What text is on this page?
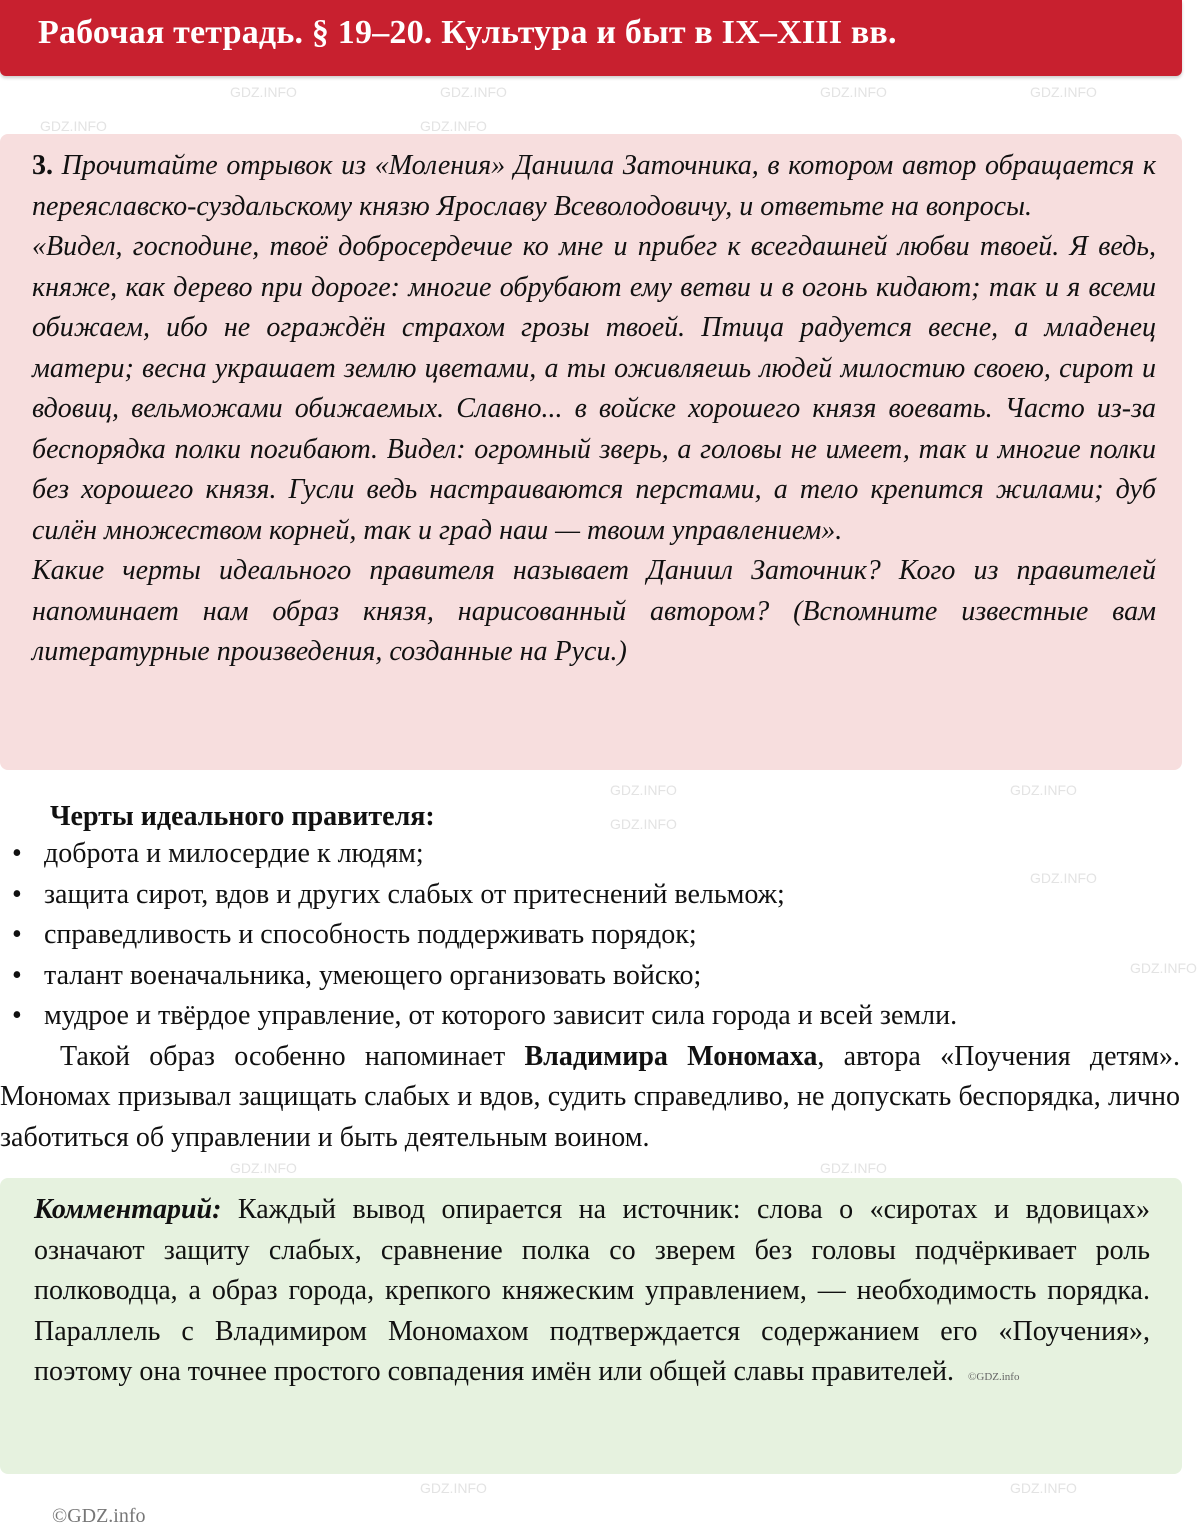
GDZ.INFO	GDZ.INFO	GDZ.INFO	GDZ.INFO
GDZ.INFO	GDZ.INFO
GDZ.INFO	GDZ.INFO
GDZ.INFO
GDZ.INFO
GDZ.INFO
GDZ.INFO	GDZ.INFO
GDZ.INFO	GDZ.INFO
Рабочая тетрадь. § 19–20. Культура и быт в IX–XIII вв.

3. Прочитайте отрывок из «Моления» Даниила Заточника, в котором автор обращается к переяславско-суздальскому князю Ярославу Всеволодовичу, и ответьте на вопросы.

«Видел, господине, твоё добросердечие ко мне и прибег к всегдашней любви твоей. Я ведь, княже, как дерево при дороге: многие обрубают ему ветви и в огонь кидают; так и я всеми обижаем, ибо не ограждён страхом грозы твоей. Птица радуется весне, а младенец матери; весна украшает землю цветами, а ты оживляешь людей милостию своею, сирот и вдовиц, вельможами обижаемых. Славно... в войске хорошего князя воевать. Часто из-за беспорядка полки погибают. Видел: огромный зверь, а головы не имеет, так и многие полки без хорошего князя. Гусли ведь настраиваются перстами, а тело крепится жилами; дуб силён множеством корней, так и град наш — твоим управлением».

Какие черты идеального правителя называет Даниил Заточник? Кого из правителей напоминает нам образ князя, нарисованный автором? (Вспомните известные вам литературные произведения, созданные на Руси.)

Черты идеального правителя:

• доброта и милосердие к людям;
• защита сирот, вдов и других слабых от притеснений вельмож;
• справедливость и способность поддерживать порядок;
• талант военачальника, умеющего организовать войско;
• мудрое и твёрдое управление, от которого зависит сила города и всей земли.

Такой образ особенно напоминает Владимира Мономаха, автора «Поучения детям». Мономах призывал защищать слабых и вдов, судить справедливо, не допускать беспорядка, лично заботиться об управлении и быть деятельным воином.

Комментарий: Каждый вывод опирается на источник: слова о «сиротах и вдовицах» означают защиту слабых, сравнение полка со зверем без головы подчёркивает роль полководца, а образ города, крепкого княжеским управлением, — необходимость порядка. Параллель с Владимиром Мономахом подтверждается содержанием его «Поучения», поэтому она точнее простого совпадения имён или общей славы правителей. ©GDZ.info
©GDZ.info
